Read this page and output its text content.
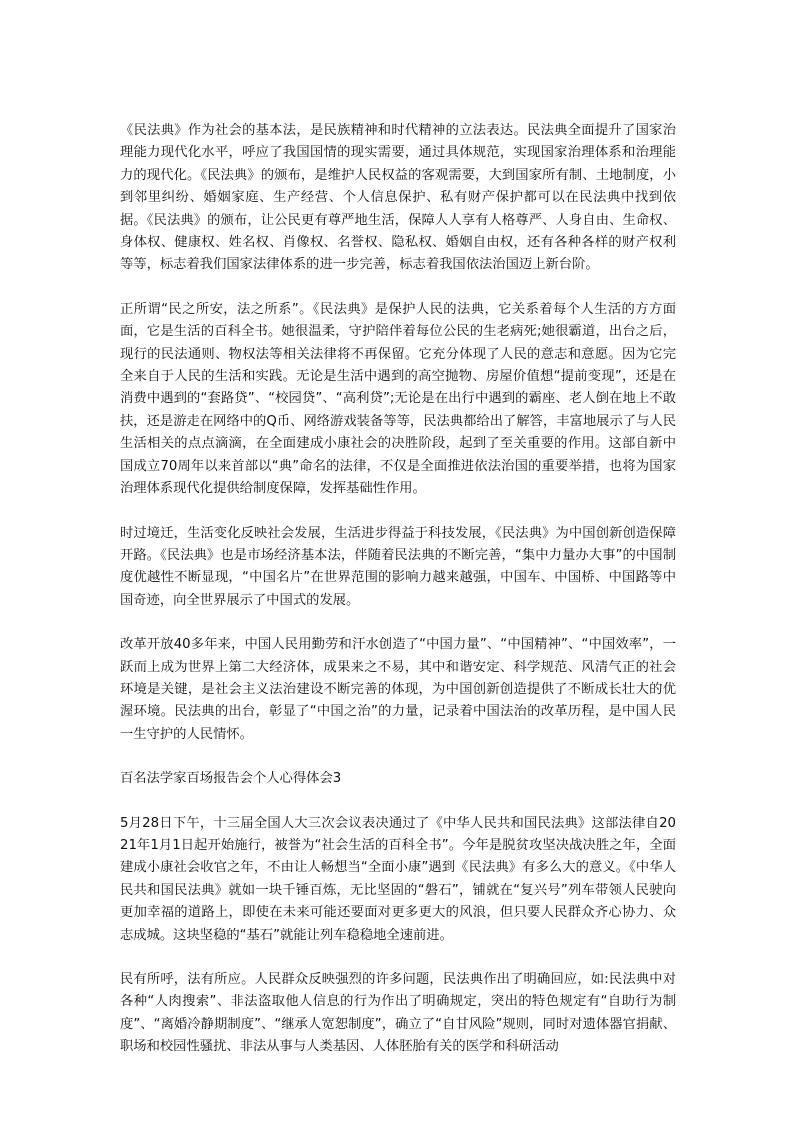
《民法典》作为社会的基本法，是民族精神和时代精神的立法表达。民法典全面提升了国家治理能力现代化水平，呼应了我国国情的现实需要，通过具体规范，实现国家治理体系和治理能力的现代化。《民法典》的颁布，是维护人民权益的客观需要，大到国家所有制、土地制度，小到邻里纠纷、婚姻家庭、生产经营、个人信息保护、私有财产保护都可以在民法典中找到依据。《民法典》的颁布，让公民更有尊严地生活，保障人人享有人格尊严、人身自由、生命权、身体权、健康权、姓名权、肖像权、名誉权、隐私权、婚姻自由权，还有各种各样的财产权利等等，标志着我们国家法律体系的进一步完善，标志着我国依法治国迈上新台阶。

正所谓“民之所安，法之所系”。《民法典》是保护人民的法典，它关系着每个人生活的方方面面，它是生活的百科全书。她很温柔，守护陪伴着每位公民的生老病死;她很霸道，出台之后，现行的民法通则、物权法等相关法律将不再保留。它充分体现了人民的意志和意愿。因为它完全来自于人民的生活和实践。无论是生活中遇到的高空抛物、房屋价值想“提前变现”，还是在消费中遇到的“套路贷”、“校园贷”、“高利贷”;无论是在出行中遇到的霸座、老人倒在地上不敢扶，还是游走在网络中的Q币、网络游戏装备等等，民法典都给出了解答，丰富地展示了与人民生活相关的点点滴滴，在全面建成小康社会的决胜阶段，起到了至关重要的作用。这部自新中国成立70周年以来首部以“典”命名的法律，不仅是全面推进依法治国的重要举措，也将为国家治理体系现代化提供给制度保障，发挥基础性作用。

时过境迁，生活变化反映社会发展，生活进步得益于科技发展，《民法典》为中国创新创造保障开路。《民法典》也是市场经济基本法，伴随着民法典的不断完善，“集中力量办大事”的中国制度优越性不断显现，“中国名片”在世界范围的影响力越来越强，中国车、中国桥、中国路等中国奇迹，向全世界展示了中国式的发展。

改革开放40多年来，中国人民用勤劳和汗水创造了“中国力量”、“中国精神”、“中国效率”，一跃而上成为世界上第二大经济体，成果来之不易，其中和谐安定、科学规范、风清气正的社会环境是关键，是社会主义法治建设不断完善的体现，为中国创新创造提供了不断成长壮大的优渥环境。民法典的出台，彰显了“中国之治”的力量，记录着中国法治的改革历程，是中国人民一生守护的人民情怀。

百名法学家百场报告会个人心得体会3

5月28日下午，十三届全国人大三次会议表决通过了《中华人民共和国民法典》这部法律自2021年1月1日起开始施行，被誉为“社会生活的百科全书”。今年是脱贫攻坚决战决胜之年，全面建成小康社会收官之年，不由让人畅想当“全面小康”遇到《民法典》有多么大的意义。《中华人民共和国民法典》就如一块千锤百炼，无比坚固的“磐石”，铺就在“复兴号”列车带领人民驶向更加幸福的道路上，即使在未来可能还要面对更多更大的风浪，但只要人民群众齐心协力、众志成城。这块坚稳的“基石”就能让列车稳稳地全速前进。

民有所呼，法有所应。人民群众反映强烈的许多问题，民法典作出了明确回应，如:民法典中对各种“人肉搜索”、非法盗取他人信息的行为作出了明确规定，突出的特色规定有“自助行为制度”、“离婚冷静期制度”、“继承人宽恕制度”，确立了“自甘风险”规则，同时对遗体器官捐献、职场和校园性骚扰、非法从事与人类基因、人体胚胎有关的医学和科研活动
